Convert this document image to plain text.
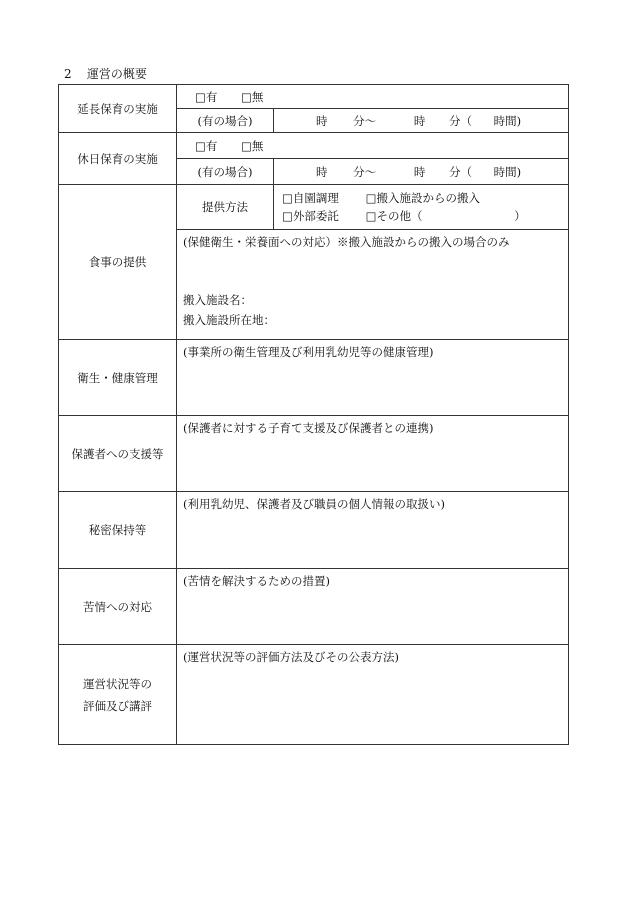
2 運営の概要
延長保育の実施	□有 □無	
	(有の場合)	時 分〜 時 分（ 時間)
休日保育の実施	□有 □無	
	(有の場合)	時 分〜 時 分（ 時間)
食事の提供	提供方法	□自園調理 □搬入施設からの搬入
□外部委託 □その他（ ）

	(保健衛生・栄養面への対応）※搬入施設からの搬入の場合のみ
搬入施設名：
搬入施設所在地：	

衛生・健康管理	(事業所の衛生管理及び利用乳幼児等の健康管理)	

保護者への支援等	(保護者に対する子育て支援及び保護者との連携)	

秘密保持等	(利用乳幼児、保護者及び職員の個人情報の取扱い)	

苦情への対応	(苦情を解決するための措置)	

運営状況等の
評価及び講評	(運営状況等の評価方法及びその公表方法)	
